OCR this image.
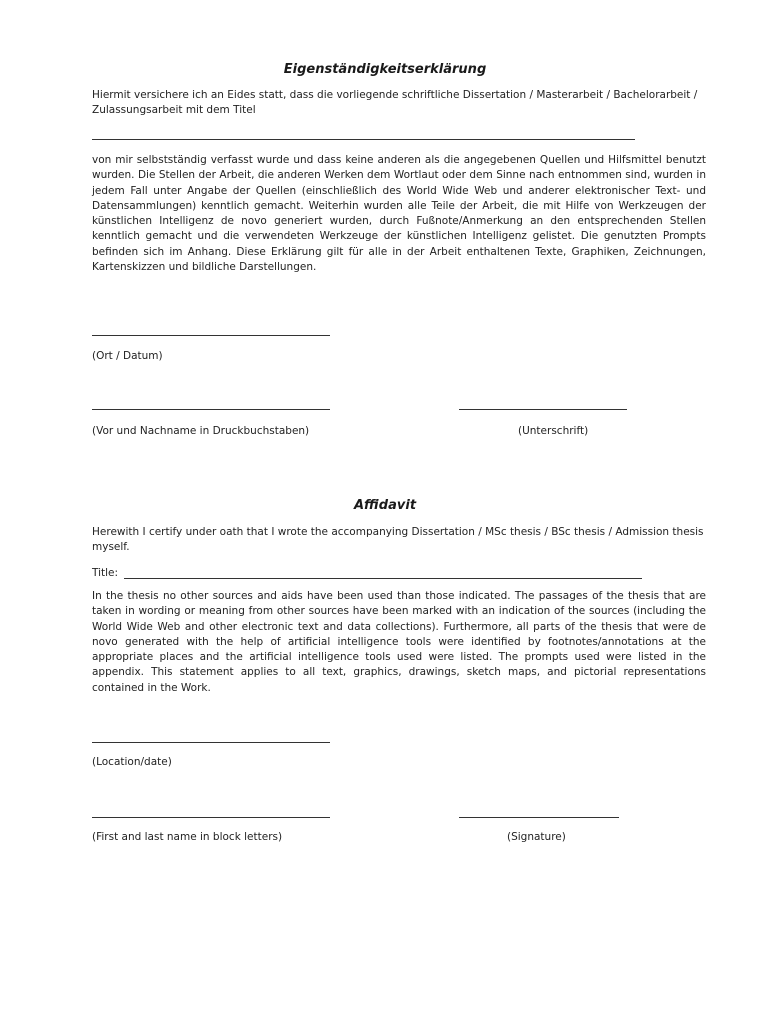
Eigenständigkeitserklärung

Hiermit versichere ich an Eides statt, dass die vorliegende schriftliche Dissertation / Masterarbeit / Bachelorarbeit / Zulassungsarbeit mit dem Titel

von mir selbstständig verfasst wurde und dass keine anderen als die angegebenen Quellen und Hilfsmittel benutzt wurden. Die Stellen der Arbeit, die anderen Werken dem Wortlaut oder dem Sinne nach entnommen sind, wurden in jedem Fall unter Angabe der Quellen (einschließlich des World Wide Web und anderer elektronischer Text- und Datensammlungen) kenntlich gemacht. Weiterhin wurden alle Teile der Arbeit, die mit Hilfe von Werkzeugen der künstlichen Intelligenz de novo generiert wurden, durch Fußnote/Anmerkung an den entsprechenden Stellen kenntlich gemacht und die verwendeten Werkzeuge der künstlichen Intelligenz gelistet. Die genutzten Prompts befinden sich im Anhang. Diese Erklärung gilt für alle in der Arbeit enthaltenen Texte, Graphiken, Zeichnungen, Kartenskizzen und bildliche Darstellungen.

(Ort / Datum)

(Vor und Nachname in Druckbuchstaben)	(Unterschrift)

Affidavit

Herewith I certify under oath that I wrote the accompanying Dissertation / MSc thesis / BSc thesis / Admission thesis myself.

Title:

In the thesis no other sources and aids have been used than those indicated. The passages of the thesis that are taken in wording or meaning from other sources have been marked with an indication of the sources (including the World Wide Web and other electronic text and data collections). Furthermore, all parts of the thesis that were de novo generated with the help of artificial intelligence tools were identified by footnotes/annotations at the appropriate places and the artificial intelligence tools used were listed. The prompts used were listed in the appendix. This statement applies to all text, graphics, drawings, sketch maps, and pictorial representations contained in the Work.

(Location/date)

(First and last name in block letters)	(Signature)
